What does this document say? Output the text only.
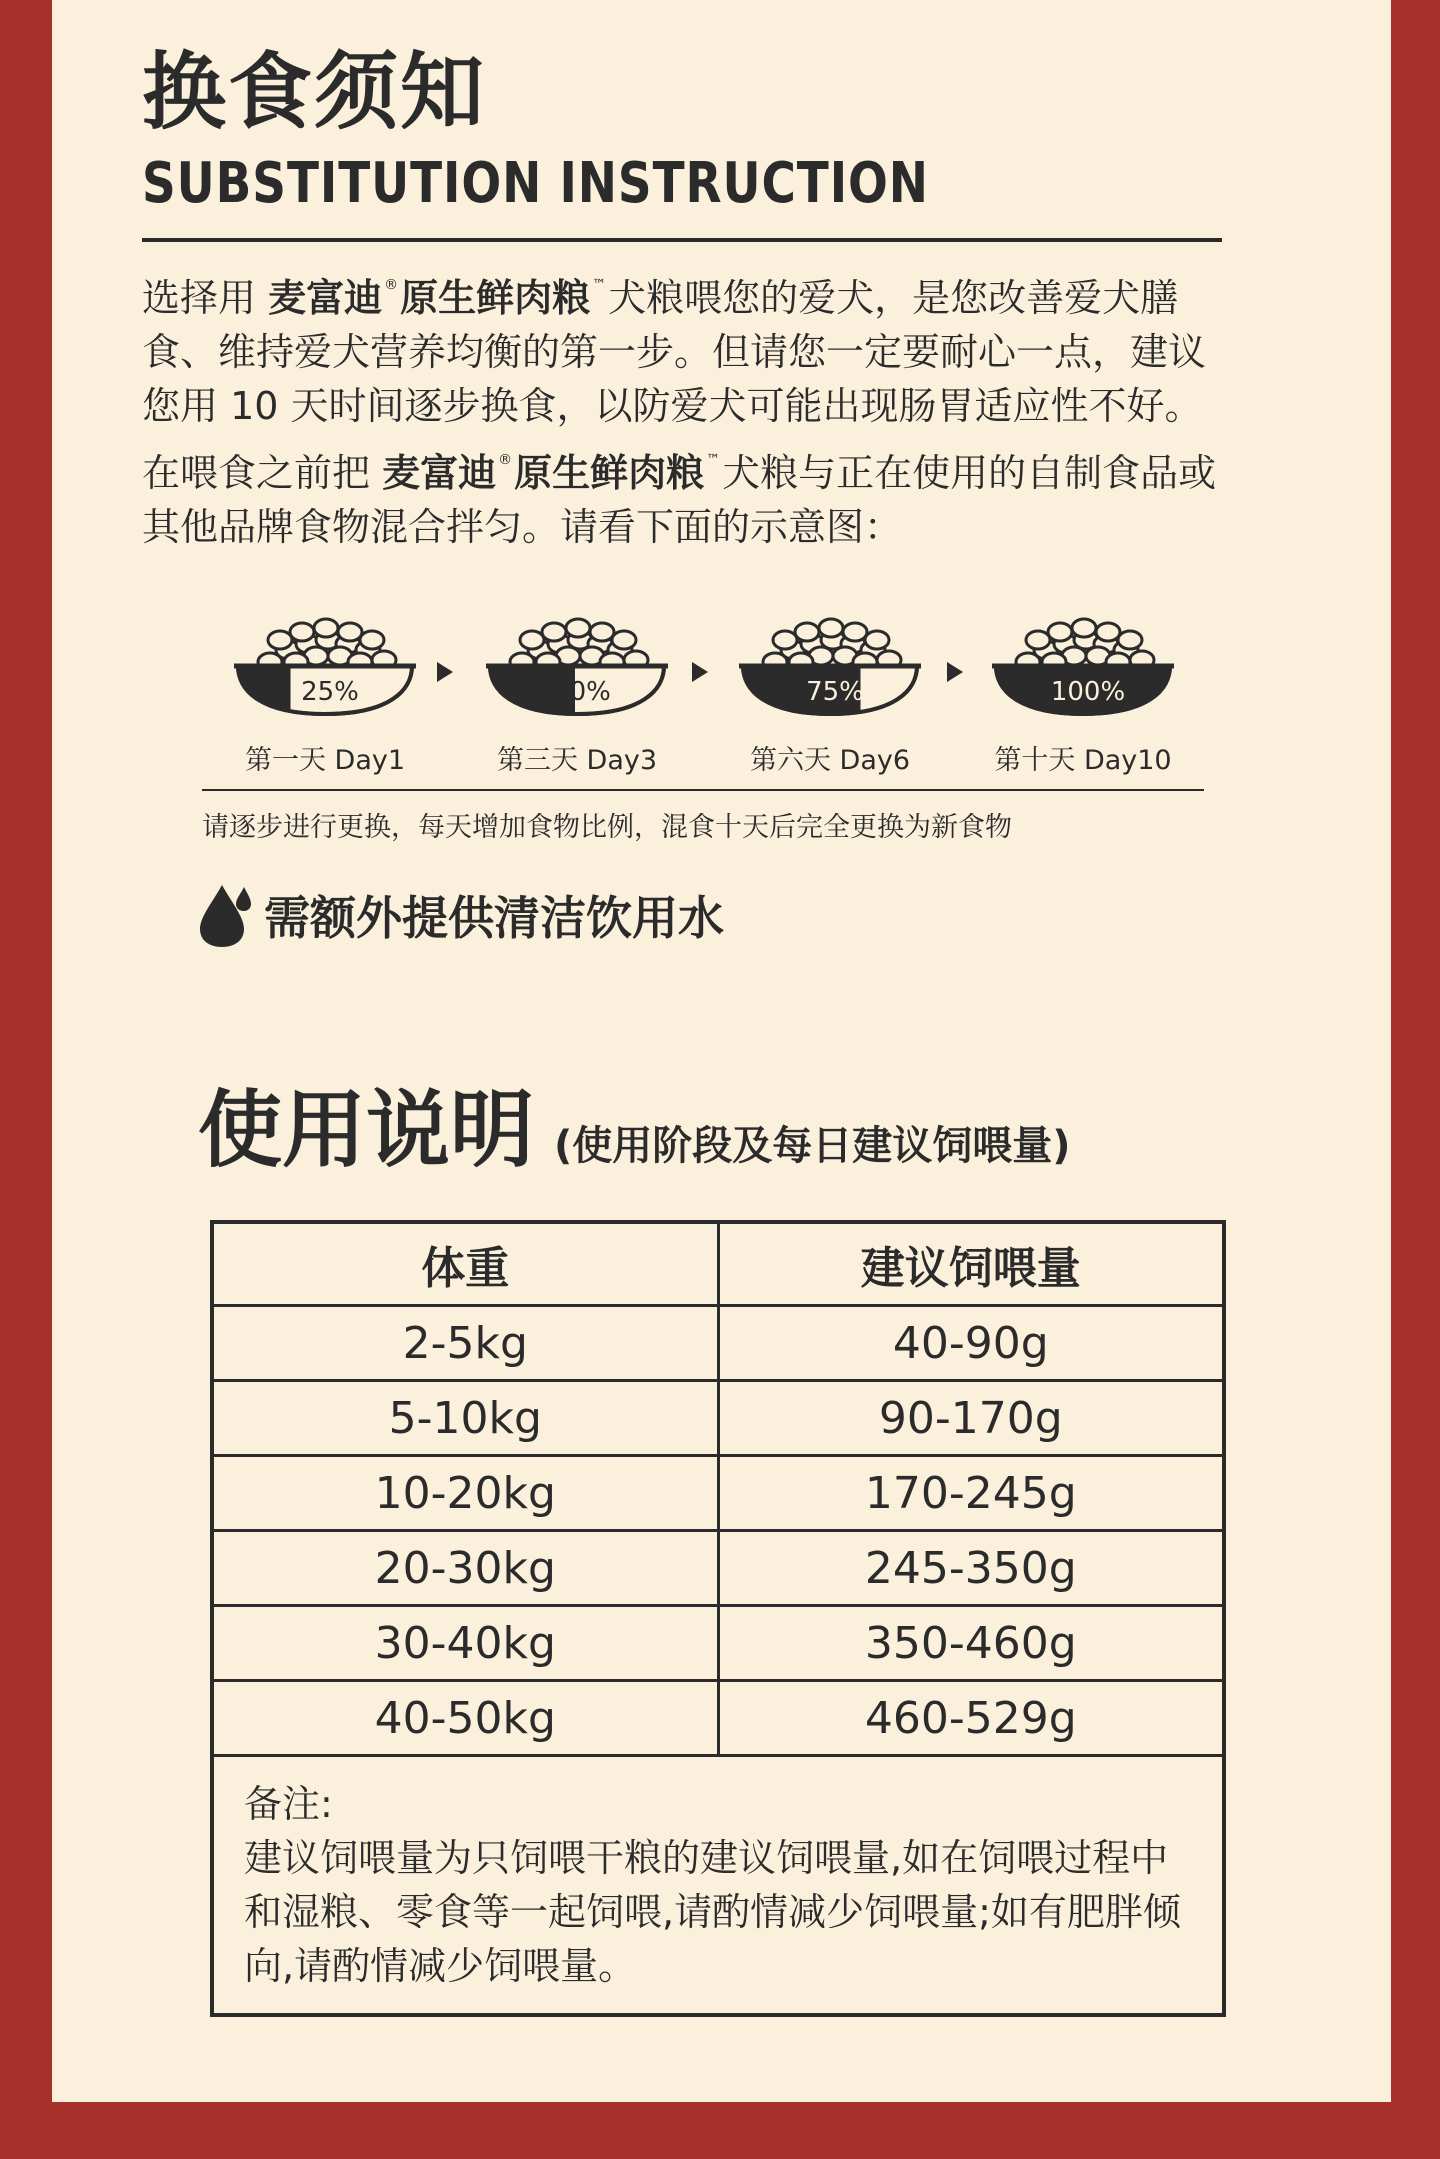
换食须知
SUBSTITUTION INSTRUCTION
选择用 麦富迪 ®原生鲜肉粮 ™犬粮喂您的爱犬，是您改善爱犬膳食、维持爱犬营养均衡的第一步。但请您一定要耐心一点，建议您用 10 天时间逐步换食，以防爱犬可能出现肠胃适应性不好。在喂食之前把 麦富迪 ®原生鲜肉粮 ™犬粮与正在使用的自制食品或其他品牌食物混合拌匀。请看下面的示意图：
25%
第一天 Day1
50%
第三天 Day3
75%
第六天 Day6
100%
第十天 Day10
请逐步进行更换，每天增加食物比例，混食十天后完全更换为新食物
需额外提供清洁饮用水
使用说明 (使用阶段及每日建议饲喂量)
体重	建议饲喂量
2-5kg	40-90g
5-10kg	90-170g
10-20kg	170-245g
20-30kg	245-350g
30-40kg	350-460g
40-50kg	460-529g
备注:
建议饲喂量为只饲喂干粮的建议饲喂量,如在饲喂过程中和湿粮、零食等一起饲喂,请酌情减少饲喂量;如有肥胖倾向,请酌情减少饲喂量。
